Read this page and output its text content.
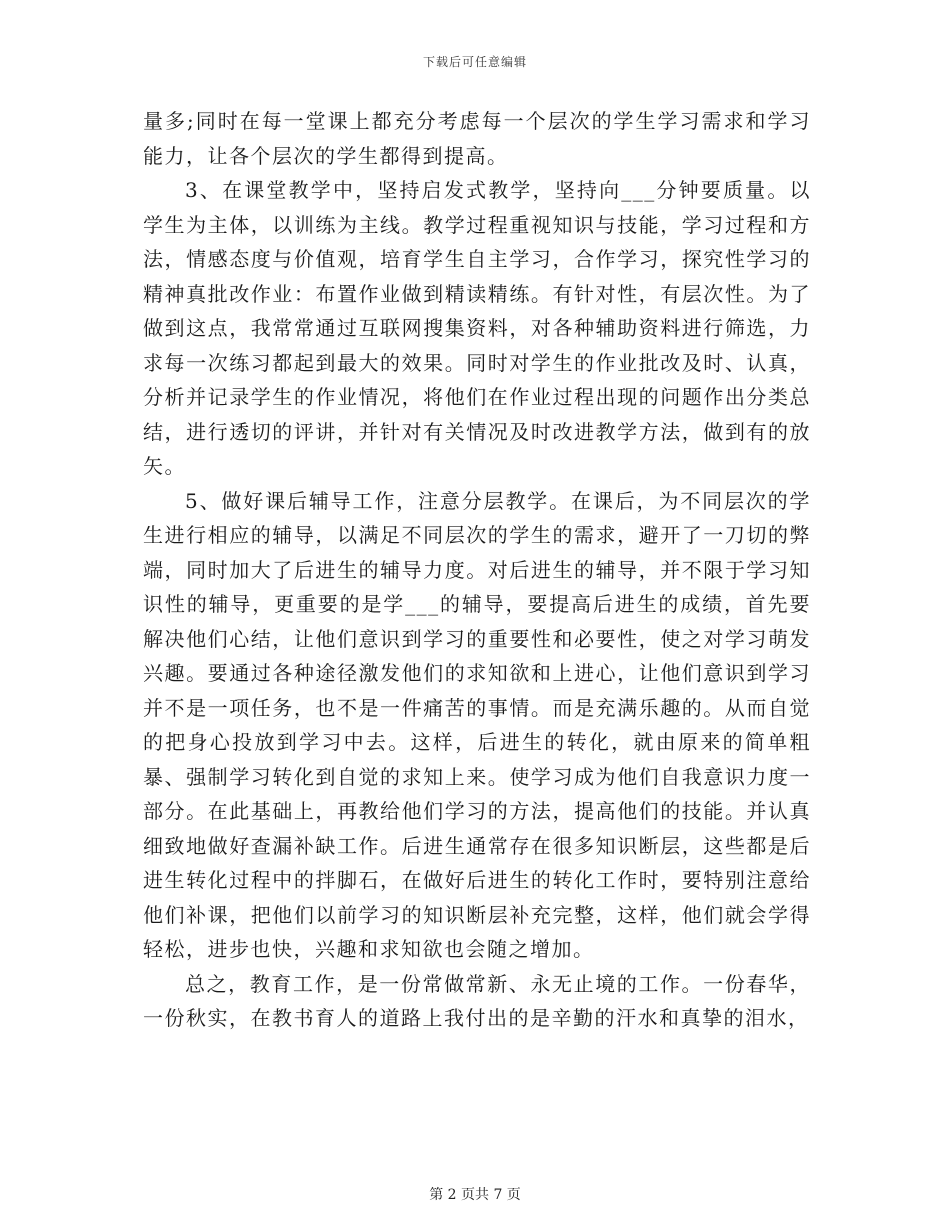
下载后可任意编辑

量多;同时在每一堂课上都充分考虑每一个层次的学生学习需求和学习能力，让各个层次的学生都得到提高。

3、在课堂教学中，坚持启发式教学，坚持向___分钟要质量。以学生为主体，以训练为主线。教学过程重视知识与技能，学习过程和方法，情感态度与价值观，培育学生自主学习，合作学习，探究性学习的精神真批改作业：布置作业做到精读精练。有针对性，有层次性。为了做到这点，我常常通过互联网搜集资料，对各种辅助资料进行筛选，力求每一次练习都起到最大的效果。同时对学生的作业批改及时、认真，分析并记录学生的作业情况，将他们在作业过程出现的问题作出分类总结，进行透切的评讲，并针对有关情况及时改进教学方法，做到有的放矢。

5、做好课后辅导工作，注意分层教学。在课后，为不同层次的学生进行相应的辅导，以满足不同层次的学生的需求，避开了一刀切的弊端，同时加大了后进生的辅导力度。对后进生的辅导，并不限于学习知识性的辅导，更重要的是学___的辅导，要提高后进生的成绩，首先要解决他们心结，让他们意识到学习的重要性和必要性，使之对学习萌发兴趣。要通过各种途径激发他们的求知欲和上进心，让他们意识到学习并不是一项任务，也不是一件痛苦的事情。而是充满乐趣的。从而自觉的把身心投放到学习中去。这样，后进生的转化，就由原来的简单粗暴、强制学习转化到自觉的求知上来。使学习成为他们自我意识力度一部分。在此基础上，再教给他们学习的方法，提高他们的技能。并认真细致地做好查漏补缺工作。后进生通常存在很多知识断层，这些都是后进生转化过程中的拌脚石，在做好后进生的转化工作时，要特别注意给他们补课，把他们以前学习的知识断层补充完整，这样，他们就会学得轻松，进步也快，兴趣和求知欲也会随之增加。

总之，教育工作，是一份常做常新、永无止境的工作。一份春华，一份秋实，在教书育人的道路上我付出的是辛勤的汗水和真挚的泪水，

第 2 页共 7 页
